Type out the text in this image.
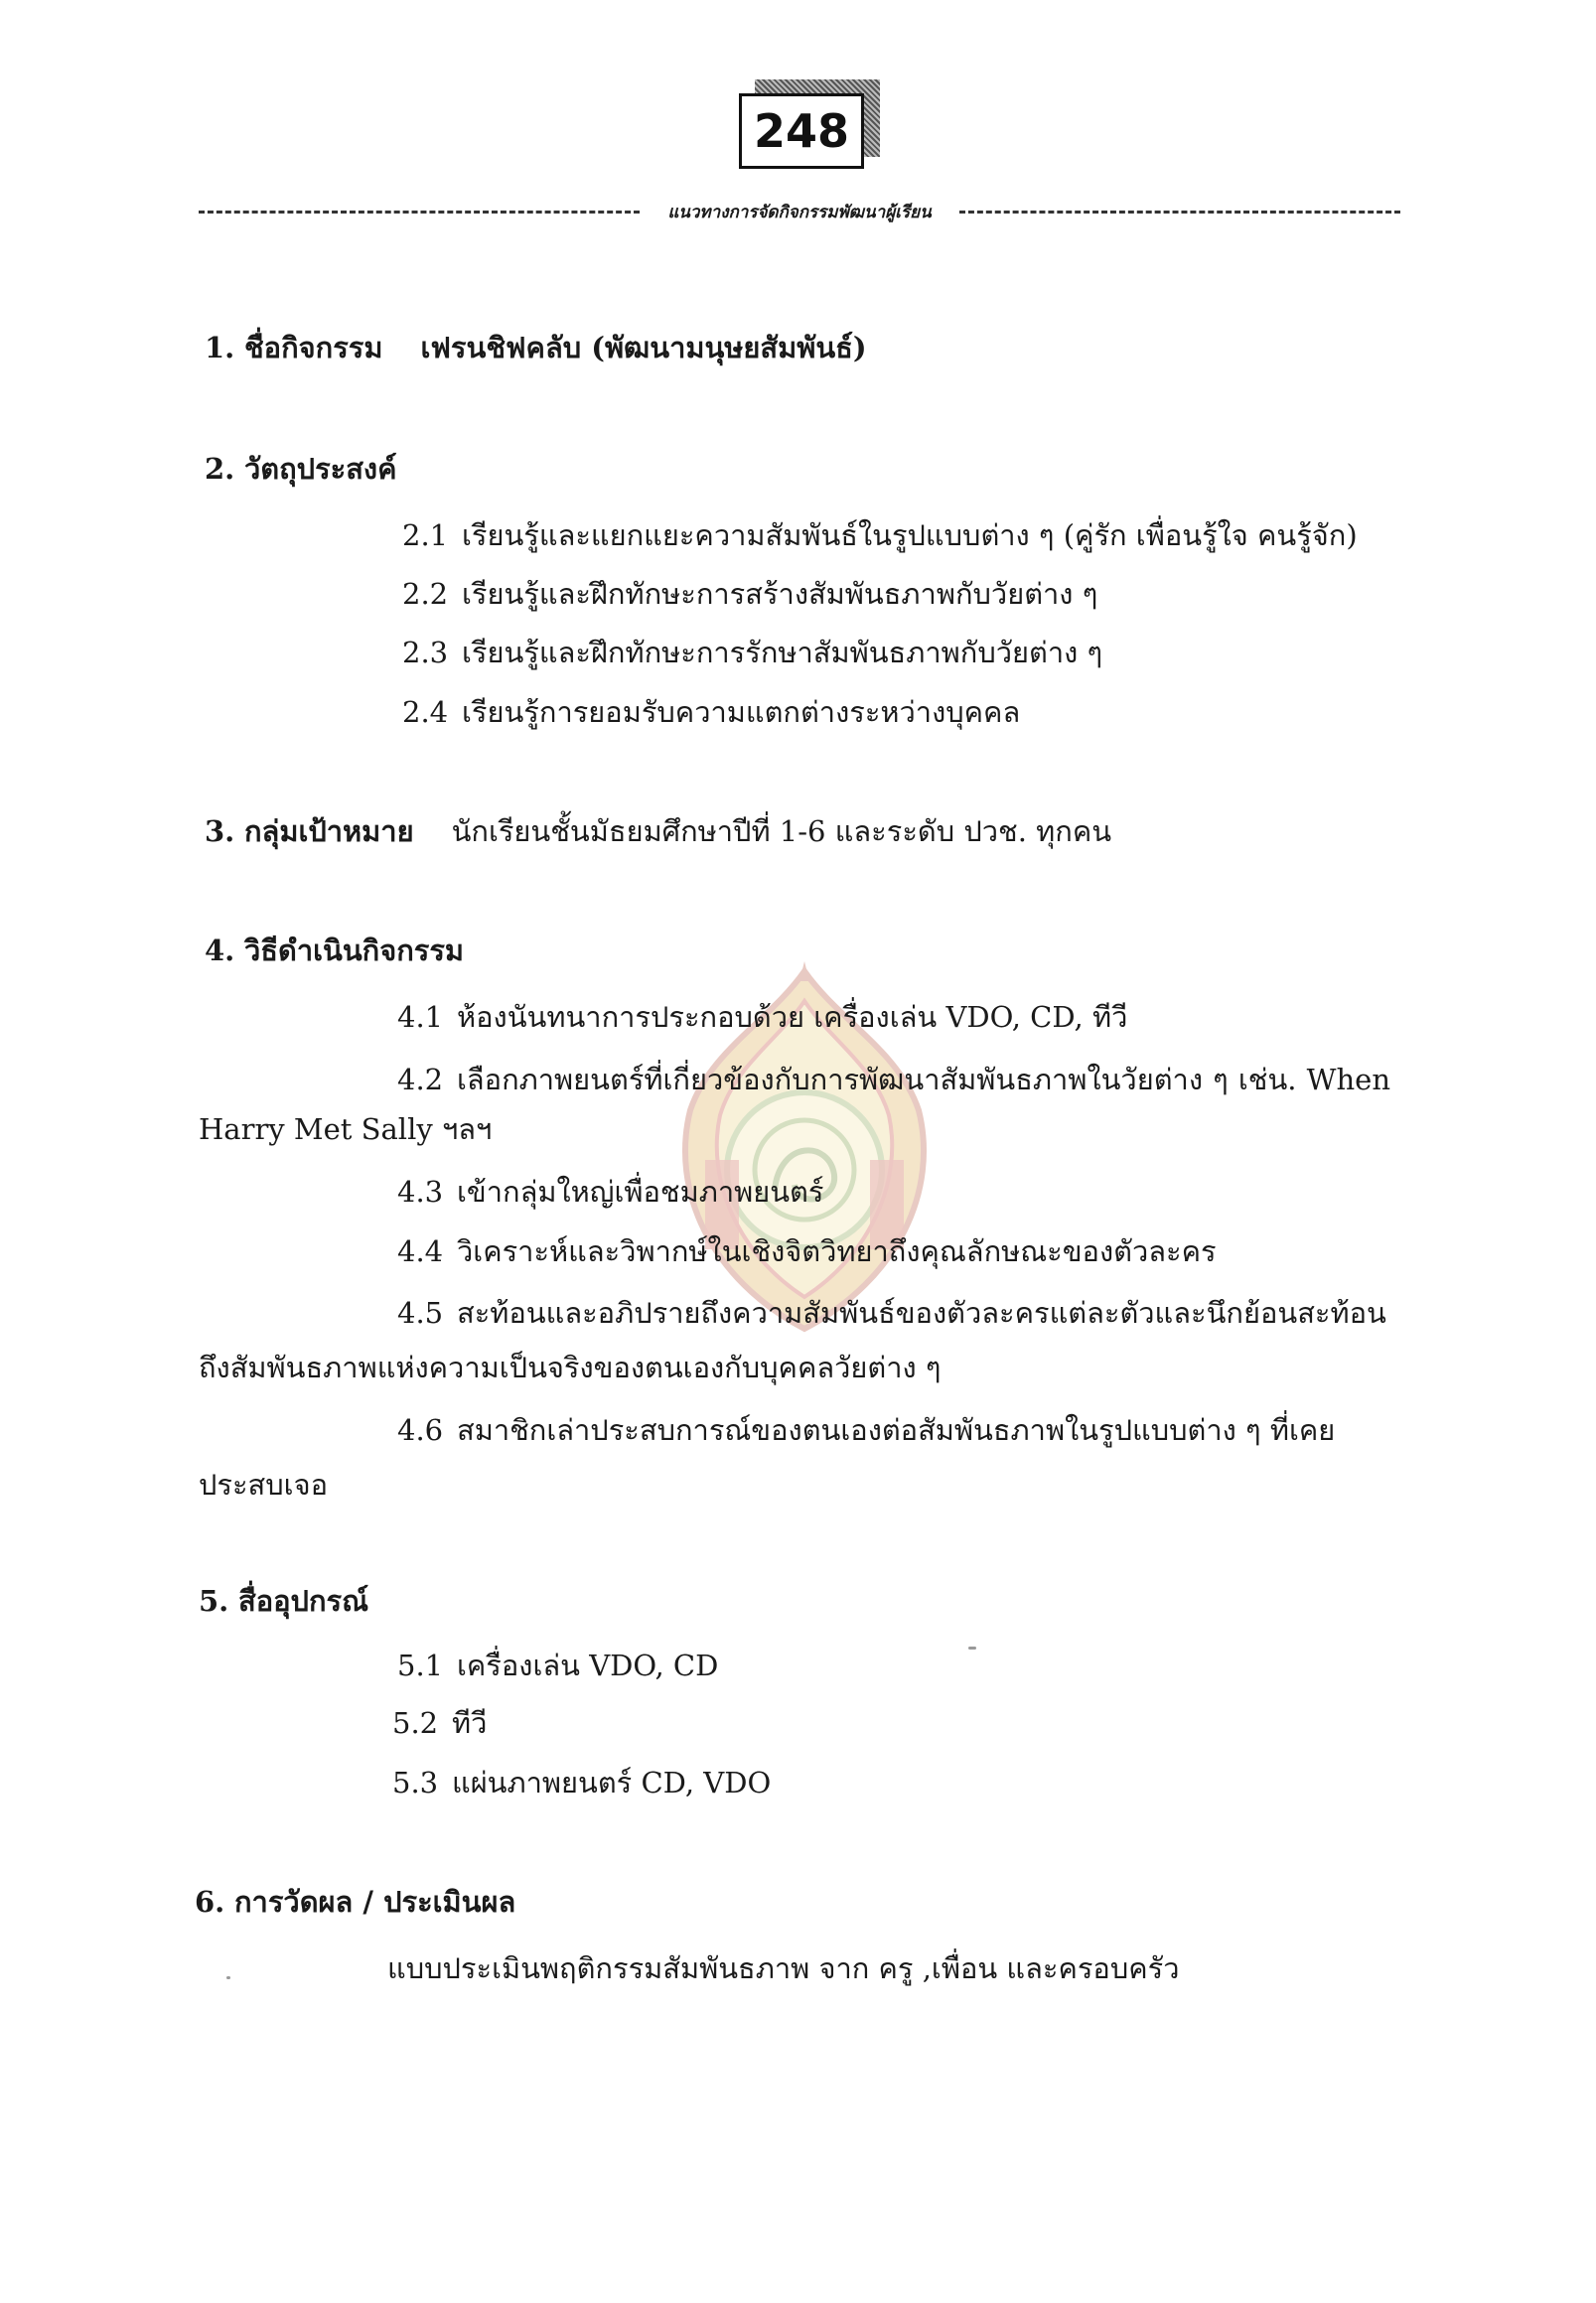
248
แนวทางการจัดกิจกรรมพัฒนาผู้เรียน
1. ชื่อกิจกรรม เฟรนชิฟคลับ (พัฒนามนุษยสัมพันธ์)
2. วัตถุประสงค์
2.1 เรียนรู้และแยกแยะความสัมพันธ์ในรูปแบบต่าง ๆ (คู่รัก เพื่อนรู้ใจ คนรู้จัก)
2.2 เรียนรู้และฝึกทักษะการสร้างสัมพันธภาพกับวัยต่าง ๆ
2.3 เรียนรู้และฝึกทักษะการรักษาสัมพันธภาพกับวัยต่าง ๆ
2.4 เรียนรู้การยอมรับความแตกต่างระหว่างบุคคล
3. กลุ่มเป้าหมาย นักเรียนชั้นมัธยมศึกษาปีที่ 1-6 และระดับ ปวช. ทุกคน
4. วิธีดำเนินกิจกรรม
4.1 ห้องนันทนาการประกอบด้วย เครื่องเล่น VDO, CD, ทีวี
4.2 เลือกภาพยนตร์ที่เกี่ยวข้องกับการพัฒนาสัมพันธภาพในวัยต่าง ๆ เช่น. When
Harry Met Sally ฯลฯ
4.3 เข้ากลุ่มใหญ่เพื่อชมภาพยนตร์
4.4 วิเคราะห์และวิพากษ์ในเชิงจิตวิทยาถึงคุณลักษณะของตัวละคร
4.5 สะท้อนและอภิปรายถึงความสัมพันธ์ของตัวละครแต่ละตัวและนึกย้อนสะท้อน
ถึงสัมพันธภาพแห่งความเป็นจริงของตนเองกับบุคคลวัยต่าง ๆ
4.6 สมาชิกเล่าประสบการณ์ของตนเองต่อสัมพันธภาพในรูปแบบต่าง ๆ ที่เคย
ประสบเจอ
5. สื่ออุปกรณ์
5.1 เครื่องเล่น VDO, CD
5.2 ทีวี
5.3 แผ่นภาพยนตร์ CD, VDO
6. การวัดผล / ประเมินผล
แบบประเมินพฤติกรรมสัมพันธภาพ จาก ครู ,เพื่อน และครอบครัว
